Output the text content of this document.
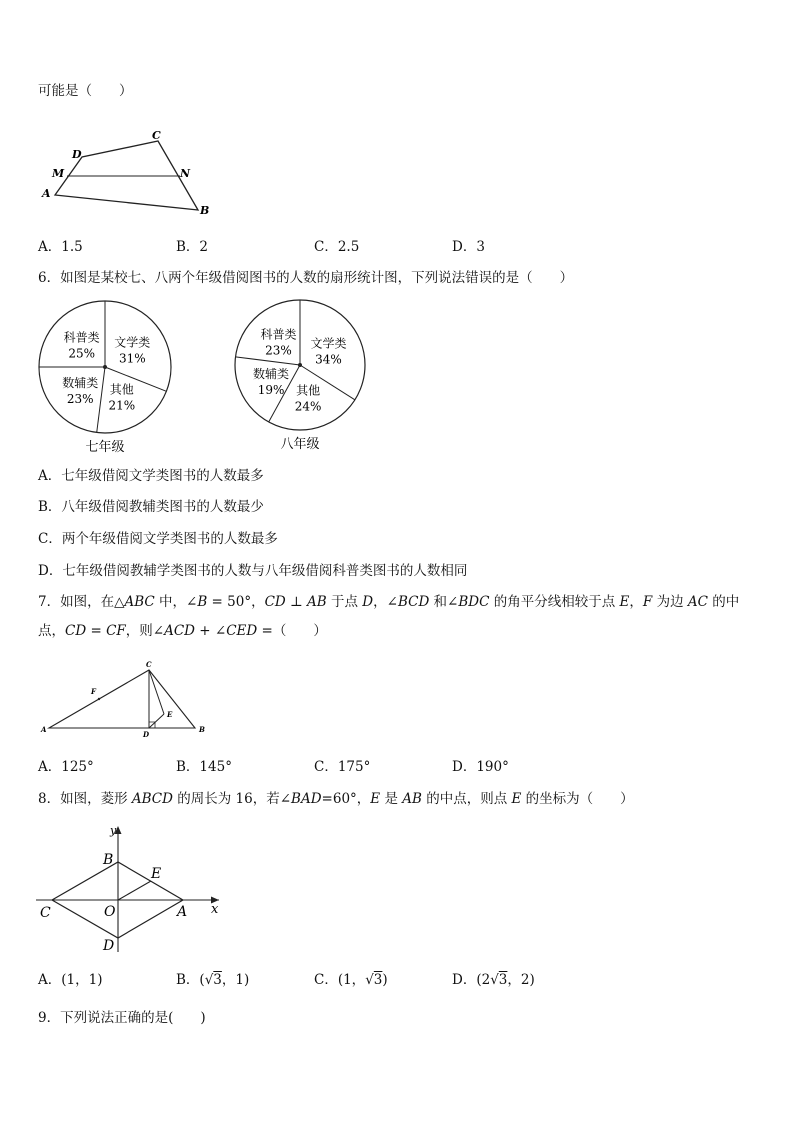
可能是（　　）
A
B
C
D
M	N
A．1.5	B．2	C．2.5	D．3
6．如图是某校七、八两个年级借阅图书的人数的扇形统计图，下列说法错误的是（　　）
文学类
31%
其他
21%
数辅类
23%
科普类
25%
七年级
文学类
34%
其他
24%
数辅类
19%
科普类
23%
八年级
A．七年级借阅文学类图书的人数最多
B．八年级借阅教辅类图书的人数最少
C．两个年级借阅文学类图书的人数最多
D．七年级借阅教辅学类图书的人数与八年级借阅科普类图书的人数相同
7．如图，在△ABC 中，∠B = 50°，CD ⊥ AB 于点 D，∠BCD 和∠BDC 的角平分线相较于点 E，F 为边 AC 的中
点，CD = CF，则∠ACD + ∠CED =（　　）
A	B
C
D
E
F
A．125°	B．145°	C．175°	D．190°
8．如图，菱形 ABCD 的周长为 16，若∠BAD=60°，E 是 AB 的中点，则点 E 的坐标为（　　）
B
E
C	O	A
D
x
y
A．(1，1)	B．(√3，1)	C．(1，√3)	D．(2√3，2)
9．下列说法正确的是(　　)
